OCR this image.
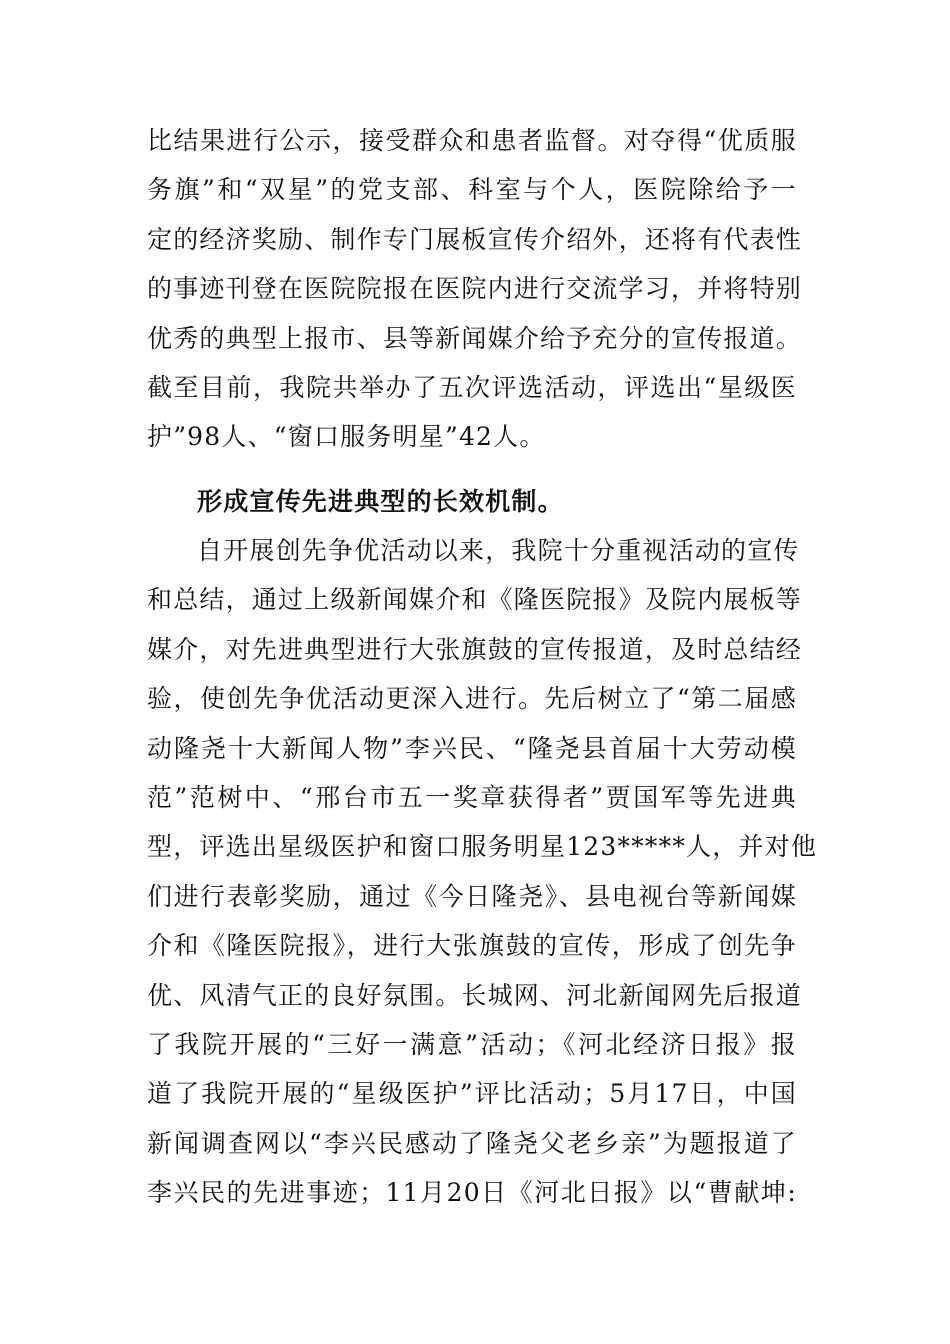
比结果进行公示，接受群众和患者监督。对夺得“优质服
务旗”和“双星”的党支部、科室与个人，医院除给予一
定的经济奖励、制作专门展板宣传介绍外，还将有代表性
的事迹刊登在医院院报在医院内进行交流学习，并将特别
优秀的典型上报市、县等新闻媒介给予充分的宣传报道。
截至目前，我院共举办了五次评选活动，评选出“星级医
护”98人、“窗口服务明星”42人。
形成宣传先进典型的长效机制。
自开展创先争优活动以来，我院十分重视活动的宣传
和总结，通过上级新闻媒介和《隆医院报》及院内展板等
媒介，对先进典型进行大张旗鼓的宣传报道，及时总结经
验，使创先争优活动更深入进行。先后树立了“第二届感
动隆尧十大新闻人物”李兴民、“隆尧县首届十大劳动模
范”范树中、“邢台市五一奖章获得者”贾国军等先进典
型，评选出星级医护和窗口服务明星123*****人，并对他
们进行表彰奖励，通过《今日隆尧》、县电视台等新闻媒
介和《隆医院报》，进行大张旗鼓的宣传，形成了创先争
优、风清气正的良好氛围。长城网、河北新闻网先后报道
了我院开展的“三好一满意”活动；《河北经济日报》报
道了我院开展的“星级医护”评比活动；5月17日，中国
新闻调查网以“李兴民感动了隆尧父老乡亲”为题报道了
李兴民的先进事迹；11月20日《河北日报》以“曹献坤:
